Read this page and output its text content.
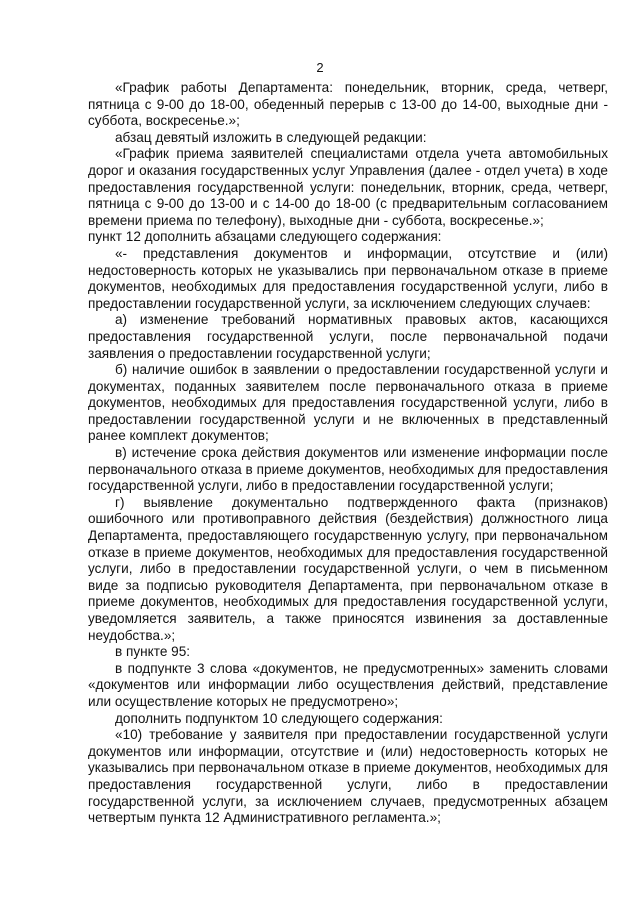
2

«График работы Департамента: понедельник, вторник, среда, четверг, пятница с 9-00 до 18-00, обеденный перерыв с 13-00 до 14-00, выходные дни - суббота, воскресенье.»;

абзац девятый изложить в следующей редакции:

«График приема заявителей специалистами отдела учета автомобильных дорог и оказания государственных услуг Управления (далее - отдел учета) в ходе предоставления государственной услуги: понедельник, вторник, среда, четверг, пятница с 9-00 до 13-00 и с 14-00 до 18-00 (с предварительным согласованием времени приема по телефону), выходные дни - суббота, воскресенье.»;

пункт 12 дополнить абзацами следующего содержания:

«- представления документов и информации, отсутствие и (или) недостоверность которых не указывались при первоначальном отказе в приеме документов, необходимых для предоставления государственной услуги, либо в предоставлении государственной услуги, за исключением следующих случаев:

а) изменение требований нормативных правовых актов, касающихся предоставления государственной услуги, после первоначальной подачи заявления о предоставлении государственной услуги;

б) наличие ошибок в заявлении о предоставлении государственной услуги и документах, поданных заявителем после первоначального отказа в приеме документов, необходимых для предоставления государственной услуги, либо в предоставлении государственной услуги и не включенных в представленный ранее комплект документов;

в) истечение срока действия документов или изменение информации после первоначального отказа в приеме документов, необходимых для предоставления государственной услуги, либо в предоставлении государственной услуги;

г) выявление документально подтвержденного факта (признаков) ошибочного или противоправного действия (бездействия) должностного лица Департамента, предоставляющего государственную услугу, при первоначальном отказе в приеме документов, необходимых для предоставления государственной услуги, либо в предоставлении государственной услуги, о чем в письменном виде за подписью руководителя Департамента, при первоначальном отказе в приеме документов, необходимых для предоставления государственной услуги, уведомляется заявитель, а также приносятся извинения за доставленные неудобства.»;

в пункте 95:

в подпункте 3 слова «документов, не предусмотренных» заменить словами «документов или информации либо осуществления действий, представление или осуществление которых не предусмотрено»;

дополнить подпунктом 10 следующего содержания:

«10) требование у заявителя при предоставлении государственной услуги документов или информации, отсутствие и (или) недостоверность которых не указывались при первоначальном отказе в приеме документов, необходимых для предоставления государственной услуги, либо в предоставлении государственной услуги, за исключением случаев, предусмотренных абзацем четвертым пункта 12 Административного регламента.»;
